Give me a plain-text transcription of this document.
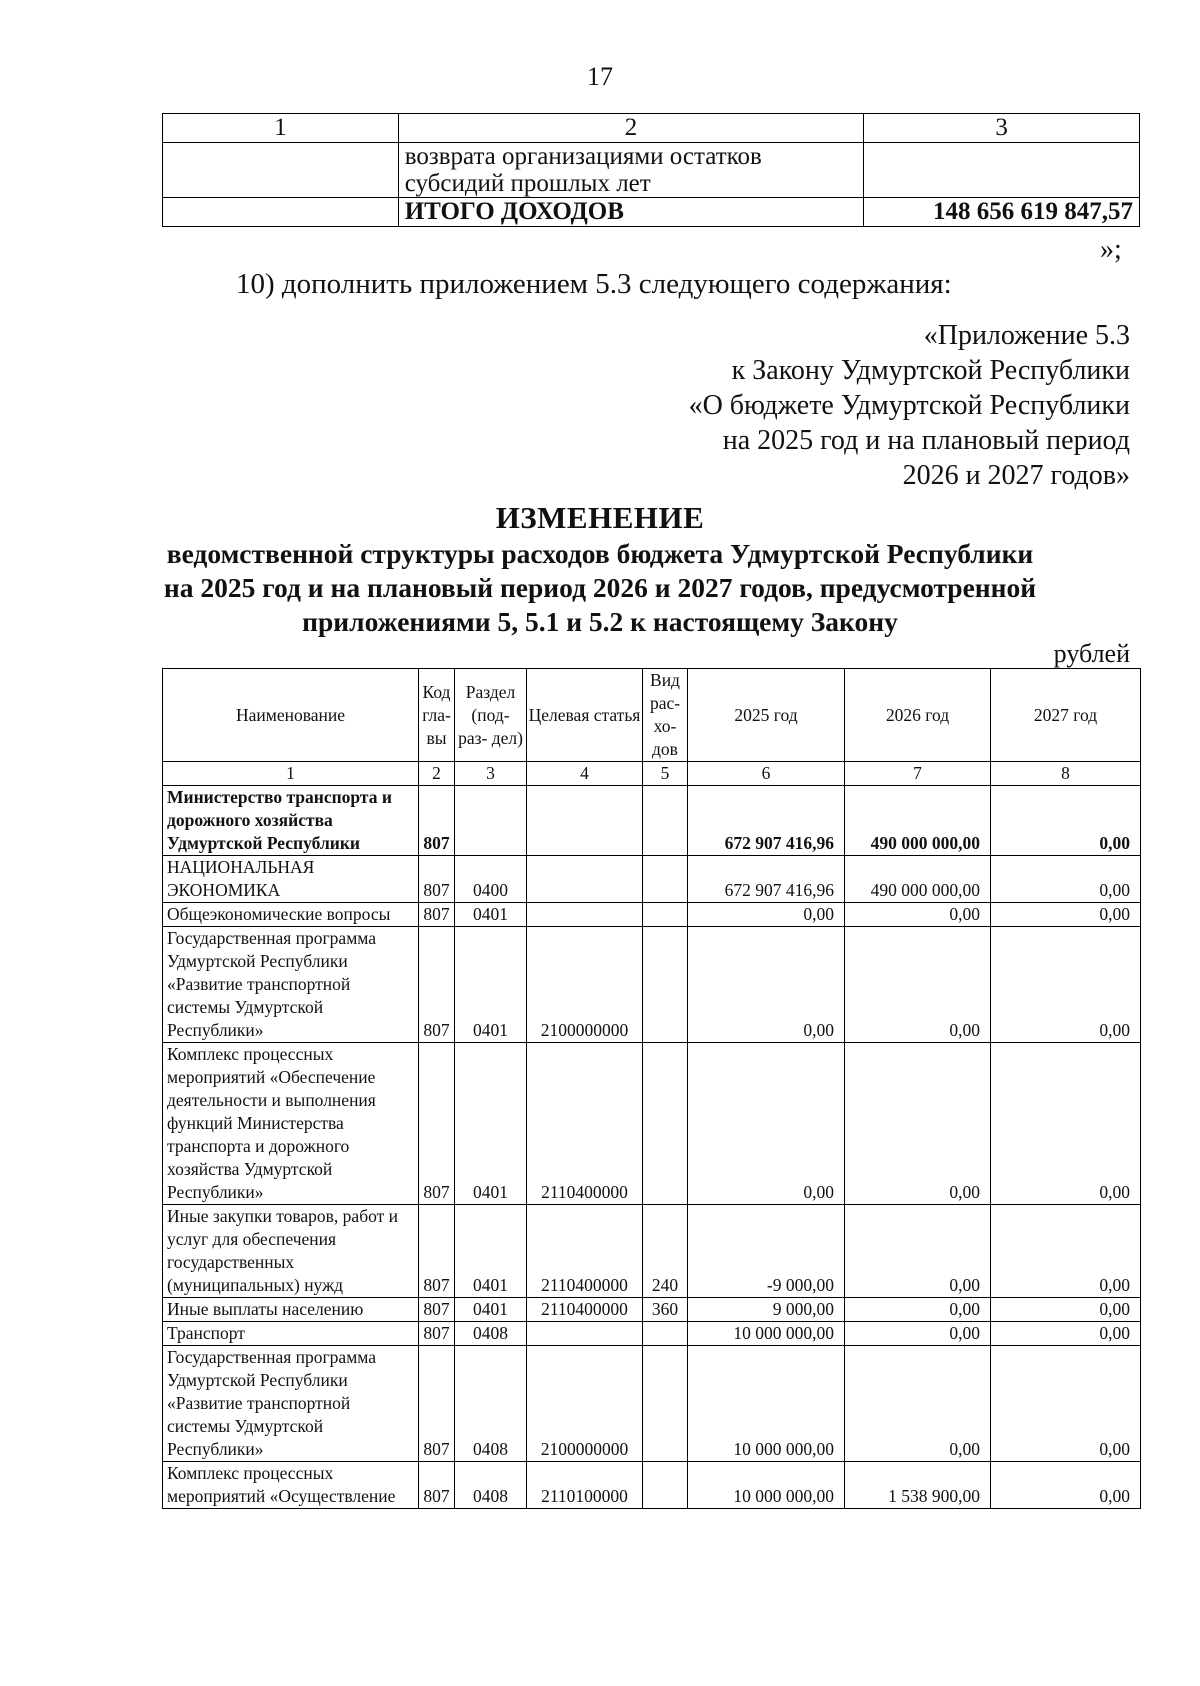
17
1	2	3
	возврата организациями остатков субсидий прошлых лет	
	ИТОГО ДОХОДОВ	148 656 619 847,57
»;
10) дополнить приложением 5.3 следующего содержания:
«Приложение 5.3
к Закону Удмуртской Республики
«О бюджете Удмуртской Республики
на 2025 год и на плановый период
2026 и 2027 годов»
ИЗМЕНЕНИЕ
ведомственной структуры расходов бюджета Удмуртской Республики
на 2025 год и на плановый период 2026 и 2027 годов, предусмотренной
приложениями 5, 5.1 и 5.2 к настоящему Закону
рублей
Наименование	Код гла- вы	Раздел (под- раз- дел)	Целевая статья	Вид рас- хо- дов	2025 год	2026 год	2027 год
1	2	3	4	5	6	7	8
Министерство транспорта и дорожного хозяйства Удмуртской Республики	807				672 907 416,96	490 000 000,00	0,00
НАЦИОНАЛЬНАЯ ЭКОНОМИКА	807	0400			672 907 416,96	490 000 000,00	0,00
Общеэкономические вопросы	807	0401			0,00	0,00	0,00
Государственная программа Удмуртской Республики «Развитие транспортной системы Удмуртской Республики»	807	0401	2100000000		0,00	0,00	0,00
Комплекс процессных мероприятий «Обеспечение деятельности и выполнения функций Министерства транспорта и дорожного хозяйства Удмуртской Республики»	807	0401	2110400000		0,00	0,00	0,00
Иные закупки товаров, работ и услуг для обеспечения государственных (муниципальных) нужд	807	0401	2110400000	240	-9 000,00	0,00	0,00
Иные выплаты населению	807	0401	2110400000	360	9 000,00	0,00	0,00
Транспорт	807	0408			10 000 000,00	0,00	0,00
Государственная программа Удмуртской Республики «Развитие транспортной системы Удмуртской Республики»	807	0408	2100000000		10 000 000,00	0,00	0,00
Комплекс процессных мероприятий «Осуществление	807	0408	2110100000		10 000 000,00	1 538 900,00	0,00
